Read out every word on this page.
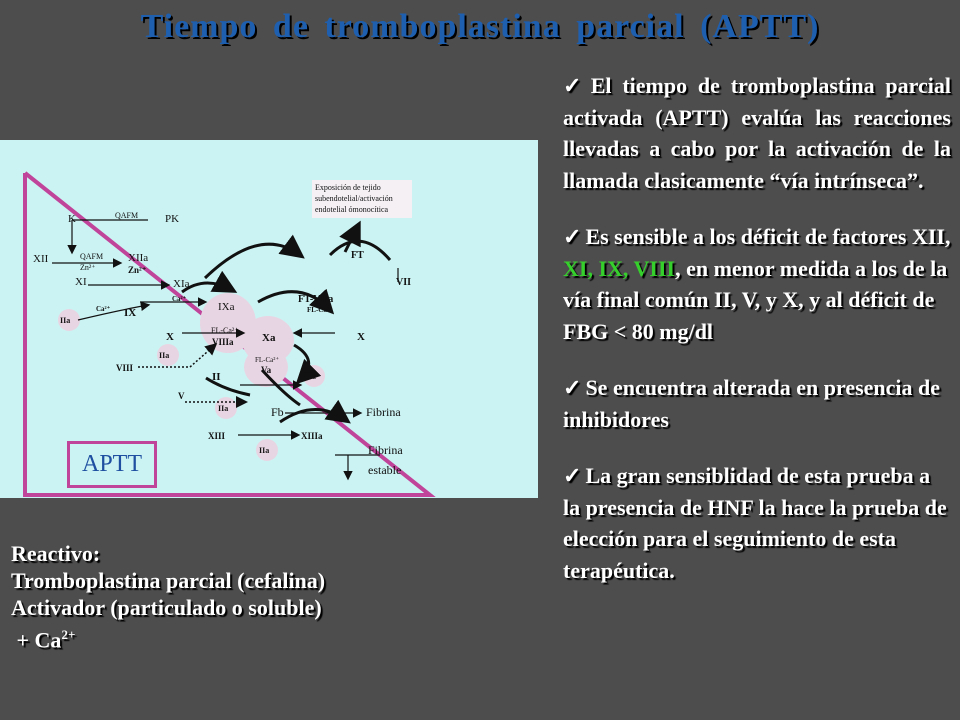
Tiempo de tromboplastina parcial (APTT)
Exposición de tejido
subendotelial/activación
endotelial ómonocítica
K	QAFM PK
XII	QAFM
Zn²⁺
XIIa
Zn²⁺
XI	XIa
Ca²⁺
Ca²⁺
IIa
IX	IXa
X
FL-Ca²⁺
VIIIa	Xa	X
IIa
VIII
FL-Ca²⁺
Va
IIa
II
V
IIa	Fb	Fibrina
XIII	XIIIa
IIa	Fibrina
estable
FT
VII
FT-VIIa
FL-Ca²⁺
APTT
✓ El tiempo de tromboplastina parcial activada (APTT) evalúa las reacciones llevadas a cabo por la activación de la llamada clasicamente “vía intrínseca”.
✓ Es sensible a los déficit de factores XII, XI, IX, VIII, en menor medida a los de la vía final común II, V, y X, y al déficit de FBG < 80 mg/dl
✓ Se encuentra alterada en presencia de inhibidores
✓ La gran sensiblidad de esta prueba a la presencia de HNF la hace la prueba de elección para el seguimiento de esta terapéutica.
Reactivo:
Tromboplastina parcial (cefalina)
Activador (particulado o soluble)
+ $Ca^{2+}$
